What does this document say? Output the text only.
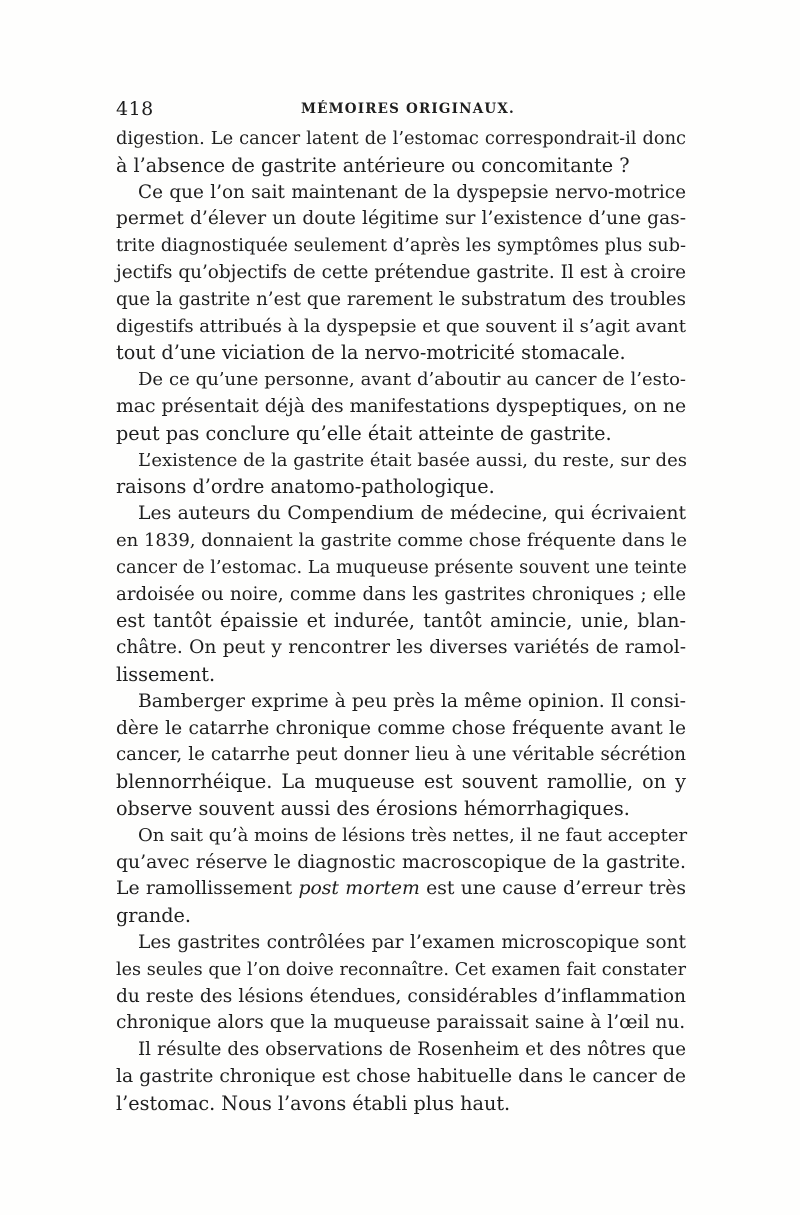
418	MÉMOIRES ORIGINAUX.
digestion. Le cancer latent de l’estomac correspondrait-il donc
à l’absence de gastrite antérieure ou concomitante ?
Ce que l’on sait maintenant de la dyspepsie nervo-motrice
permet d’élever un doute légitime sur l’existence d’une gas-
trite diagnostiquée seulement d’après les symptômes plus sub-
jectifs qu’objectifs de cette prétendue gastrite. Il est à croire
que la gastrite n’est que rarement le substratum des troubles
digestifs attribués à la dyspepsie et que souvent il s’agit avant
tout d’une viciation de la nervo-motricité stomacale.
De ce qu’une personne, avant d’aboutir au cancer de l’esto-
mac présentait déjà des manifestations dyspeptiques, on ne
peut pas conclure qu’elle était atteinte de gastrite.
L’existence de la gastrite était basée aussi, du reste, sur des
raisons d’ordre anatomo-pathologique.
Les auteurs du Compendium de médecine, qui écrivaient
en 1839, donnaient la gastrite comme chose fréquente dans le
cancer de l’estomac. La muqueuse présente souvent une teinte
ardoisée ou noire, comme dans les gastrites chroniques ; elle
est tantôt épaissie et indurée, tantôt amincie, unie, blan-
châtre. On peut y rencontrer les diverses variétés de ramol-
lissement.
Bamberger exprime à peu près la même opinion. Il consi-
dère le catarrhe chronique comme chose fréquente avant le
cancer, le catarrhe peut donner lieu à une véritable sécrétion
blennorrhéique. La muqueuse est souvent ramollie, on y
observe souvent aussi des érosions hémorrhagiques.
On sait qu’à moins de lésions très nettes, il ne faut accepter
qu’avec réserve le diagnostic macroscopique de la gastrite.
Le ramollissement post mortem est une cause d’erreur très
grande.
Les gastrites contrôlées par l’examen microscopique sont
les seules que l’on doive reconnaître. Cet examen fait constater
du reste des lésions étendues, considérables d’inflammation
chronique alors que la muqueuse paraissait saine à l’œil nu.
Il résulte des observations de Rosenheim et des nôtres que
la gastrite chronique est chose habituelle dans le cancer de
l’estomac. Nous l’avons établi plus haut.
